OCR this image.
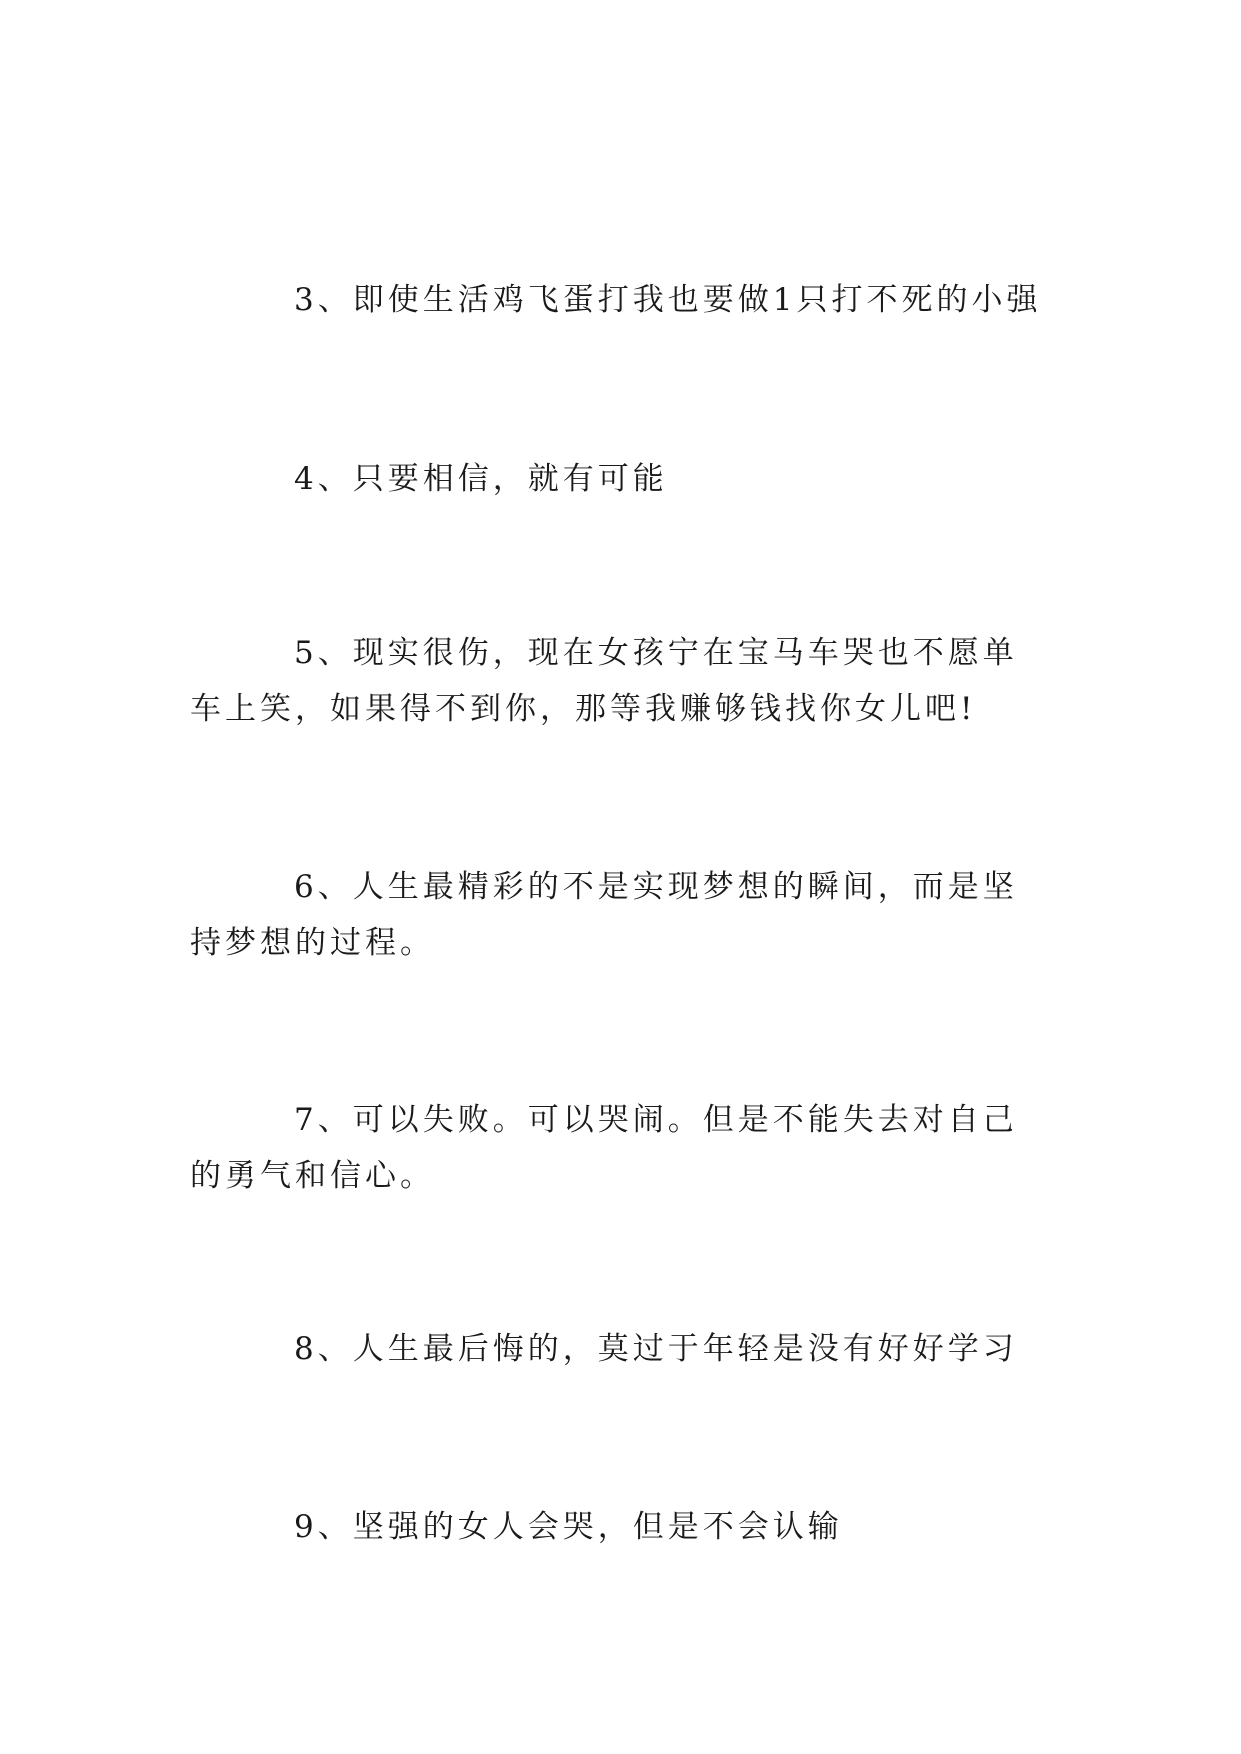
3、即使生活鸡飞蛋打我也要做1只打不死的小强

4、只要相信，就有可能

5、现实很伤，现在女孩宁在宝马车哭也不愿单车上笑，如果得不到你，那等我赚够钱找你女儿吧!

6、人生最精彩的不是实现梦想的瞬间，而是坚持梦想的过程。

7、可以失败。可以哭闹。但是不能失去对自己的勇气和信心。

8、人生最后悔的，莫过于年轻是没有好好学习

9、坚强的女人会哭，但是不会认输
